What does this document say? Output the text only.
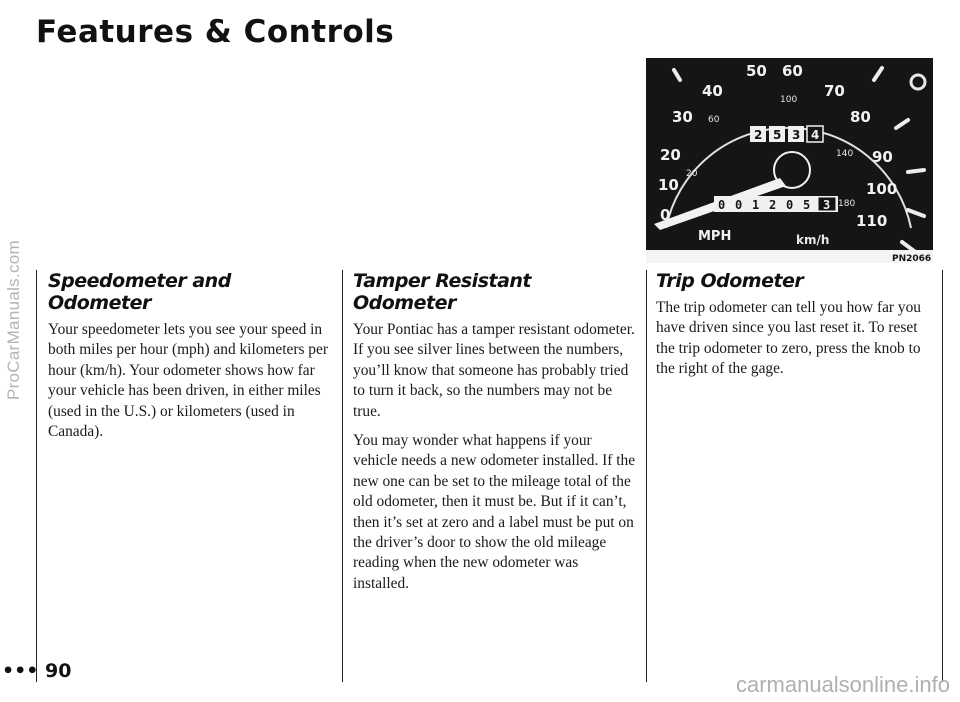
Features & Controls
0
10
20
30
40
50 60
70
80
90
100
110
20
60
100
140
180
2 5 3 4
0 0 1 2 0 5 3
MPH	km/h
PN2066
Speedometer and Odometer

Your speedometer lets you see your speed in both miles per hour (mph) and kilometers per hour (km/h). Your odometer shows how far your vehicle has been driven, in either miles (used in the U.S.) or kilometers (used in Canada).

Tamper Resistant Odometer

Your Pontiac has a tamper resistant odometer. If you see silver lines between the numbers, you’ll know that someone has probably tried to turn it back, so the numbers may not be true.

You may wonder what happens if your vehicle needs a new odometer installed. If the new one can be set to the mileage total of the old odometer, then it must be. But if it can’t, then it’s set at zero and a label must be put on the driver’s door to show the old mileage reading when the new odometer was installed.

Trip Odometer

The trip odometer can tell you how far you have driven since you last reset it. To reset the trip odometer to zero, press the knob to the right of the gage.

••• 90
ProCarManuals.com
carmanualsonline.info
